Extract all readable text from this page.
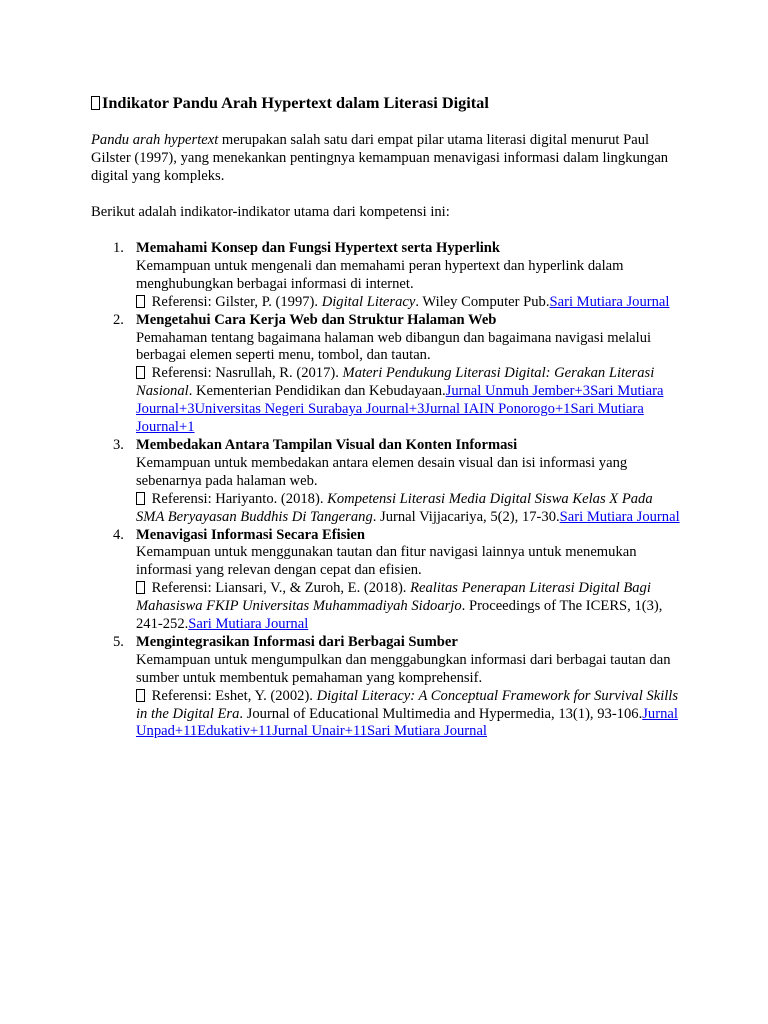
Indikator Pandu Arah Hypertext dalam Literasi Digital

Pandu arah hypertext merupakan salah satu dari empat pilar utama literasi digital menurut Paul Gilster (1997), yang menekankan pentingnya kemampuan menavigasi informasi dalam lingkungan digital yang kompleks.

Berikut adalah indikator-indikator utama dari kompetensi ini:

1. Memahami Konsep dan Fungsi Hypertext serta Hyperlink
Kemampuan untuk mengenali dan memahami peran hypertext dan hyperlink dalam menghubungkan berbagai informasi di internet.
Referensi: Gilster, P. (1997). Digital Literacy. Wiley Computer Pub.Sari Mutiara Journal
2. Mengetahui Cara Kerja Web dan Struktur Halaman Web
Pemahaman tentang bagaimana halaman web dibangun dan bagaimana navigasi melalui berbagai elemen seperti menu, tombol, dan tautan.
Referensi: Nasrullah, R. (2017). Materi Pendukung Literasi Digital: Gerakan Literasi Nasional. Kementerian Pendidikan dan Kebudayaan.Jurnal Unmuh Jember+3Sari Mutiara Journal+3Universitas Negeri Surabaya Journal+3Jurnal IAIN Ponorogo+1Sari Mutiara Journal+1
3. Membedakan Antara Tampilan Visual dan Konten Informasi
Kemampuan untuk membedakan antara elemen desain visual dan isi informasi yang sebenarnya pada halaman web.
Referensi: Hariyanto. (2018). Kompetensi Literasi Media Digital Siswa Kelas X Pada SMA Beryayasan Buddhis Di Tangerang. Jurnal Vijjacariya, 5(2), 17-30.Sari Mutiara Journal
4. Menavigasi Informasi Secara Efisien
Kemampuan untuk menggunakan tautan dan fitur navigasi lainnya untuk menemukan informasi yang relevan dengan cepat dan efisien.
Referensi: Liansari, V., & Zuroh, E. (2018). Realitas Penerapan Literasi Digital Bagi Mahasiswa FKIP Universitas Muhammadiyah Sidoarjo. Proceedings of The ICERS, 1(3), 241-252.Sari Mutiara Journal
5. Mengintegrasikan Informasi dari Berbagai Sumber
Kemampuan untuk mengumpulkan dan menggabungkan informasi dari berbagai tautan dan sumber untuk membentuk pemahaman yang komprehensif.
Referensi: Eshet, Y. (2002). Digital Literacy: A Conceptual Framework for Survival Skills in the Digital Era. Journal of Educational Multimedia and Hypermedia, 13(1), 93-106.Jurnal Unpad+11Edukativ+11Jurnal Unair+11Sari Mutiara Journal
